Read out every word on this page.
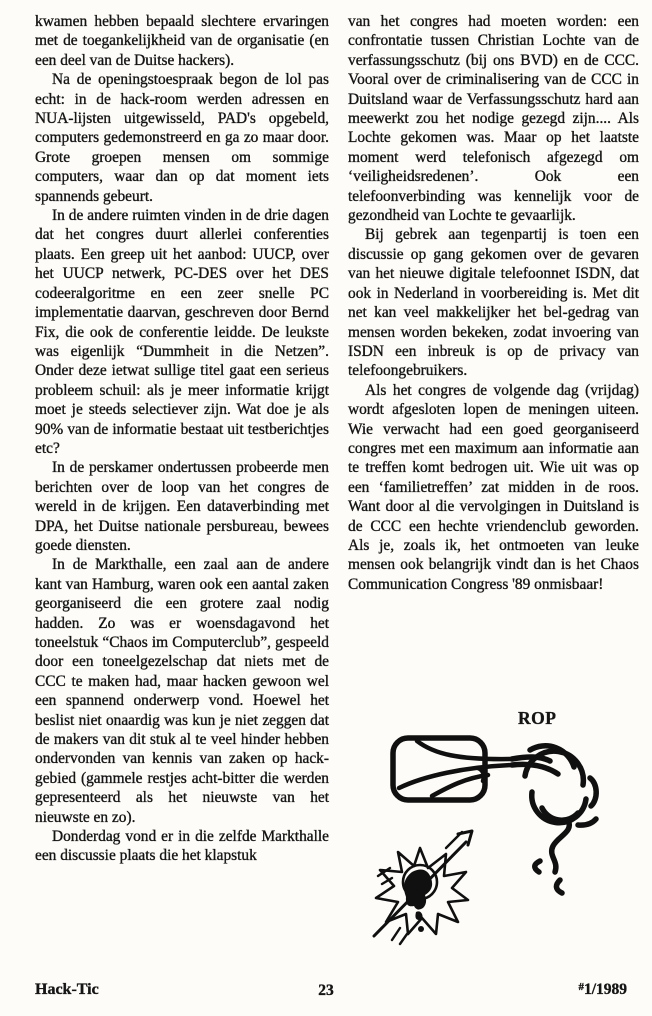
kwamen hebben bepaald slechtere ervaringen met de toegankelijkheid van de organisatie (en een deel van de Duitse hackers).

Na de openingstoespraak begon de lol pas echt: in de hack-room werden adressen en NUA-lijsten uitgewisseld, PAD's opgebeld, computers gedemonstreerd en ga zo maar door. Grote groepen mensen om sommige computers, waar dan op dat moment iets spannends gebeurt.

In de andere ruimten vinden in de drie dagen dat het congres duurt allerlei conferenties plaats. Een greep uit het aanbod: UUCP, over het UUCP netwerk, PC-DES over het DES codeeralgoritme en een zeer snelle PC implementatie daarvan, geschreven door Bernd Fix, die ook de conferentie leidde. De leukste was eigenlijk “Dummheit in die Netzen”. Onder deze ietwat sullige titel gaat een serieus probleem schuil: als je meer informatie krijgt moet je steeds selectiever zijn. Wat doe je als 90% van de informatie bestaat uit testberichtjes etc?

In de perskamer ondertussen probeerde men berichten over de loop van het congres de wereld in de krijgen. Een dataverbinding met DPA, het Duitse nationale persbureau, bewees goede diensten.

In de Markthalle, een zaal aan de andere kant van Hamburg, waren ook een aantal zaken georganiseerd die een grotere zaal nodig hadden. Zo was er woensdagavond het toneelstuk “Chaos im Computerclub”, gespeeld door een toneelgezelschap dat niets met de CCC te maken had, maar hacken gewoon wel een spannend onderwerp vond. Hoewel het beslist niet onaardig was kun je niet zeggen dat de makers van dit stuk al te veel hinder hebben ondervonden van kennis van zaken op hack-gebied (gammele restjes acht-bitter die werden gepresenteerd als het nieuwste van het nieuwste en zo).

Donderdag vond er in die zelfde Markthalle een discussie plaats die het klapstuk

van het congres had moeten worden: een confrontatie tussen Christian Lochte van de verfassungsschutz (bij ons BVD) en de CCC. Vooral over de criminalisering van de CCC in Duitsland waar de Verfassungsschutz hard aan meewerkt zou het nodige gezegd zijn.... Als Lochte gekomen was. Maar op het laatste moment werd telefonisch afgezegd om ‘veiligheidsredenen’. Ook een telefoonverbinding was kennelijk voor de gezondheid van Lochte te gevaarlijk.

Bij gebrek aan tegenpartij is toen een discussie op gang gekomen over de gevaren van het nieuwe digitale telefoonnet ISDN, dat ook in Nederland in voorbereiding is. Met dit net kan veel makkelijker het bel-gedrag van mensen worden bekeken, zodat invoering van ISDN een inbreuk is op de privacy van telefoongebruikers.

Als het congres de volgende dag (vrijdag) wordt afgesloten lopen de meningen uiteen. Wie verwacht had een goed georganiseerd congres met een maximum aan informatie aan te treffen komt bedrogen uit. Wie uit was op een ‘familietreffen’ zat midden in de roos. Want door al die vervolgingen in Duitsland is de CCC een hechte vriendenclub geworden. Als je, zoals ik, het ontmoeten van leuke mensen ook belangrijk vindt dan is het Chaos Communication Congress '89 onmisbaar!

ROP
Hack-Tic	23	#1/1989
